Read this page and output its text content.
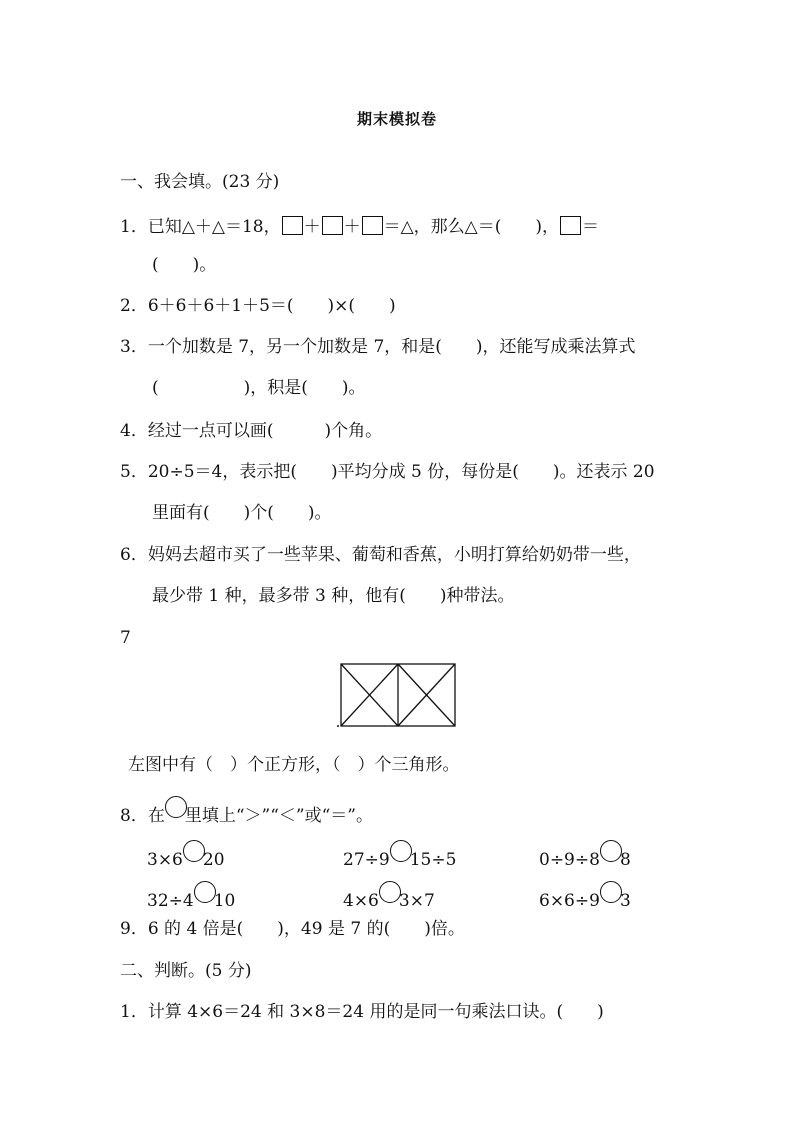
期末模拟卷
一、我会填。(23 分)
1．已知△＋△＝18， ＋ ＋ ＝△，那么△＝(　　)， ＝
(　　)。
2．6＋6＋6＋1＋5＝(　　)×(　　)
3．一个加数是 7，另一个加数是 7，和是(　　)，还能写成乘法算式
(　　　　　)，积是(　　)。
4．经过一点可以画(　　　)个角。
5．20÷5＝4，表示把(　　)平均分成 5 份，每份是(　　)。还表示 20
里面有(　　)个(　　)。
6．妈妈去超市买了一些苹果、葡萄和香蕉，小明打算给奶奶带一些，
最少带 1 种，最多带 3 种，他有(　　)种带法。
7
左图中有（　）个正方形，（　）个三角形。
8．在 里填上“＞”“＜”或“＝”。
3×6 20	27÷9 15÷5	0÷9÷8 8
32÷4 10	4×6 3×7	6×6÷9 3
9．6 的 4 倍是(　　)，49 是 7 的(　　)倍。
二、判断。(5 分)
1．计算 4×6＝24 和 3×8＝24 用的是同一句乘法口诀。(　　)
